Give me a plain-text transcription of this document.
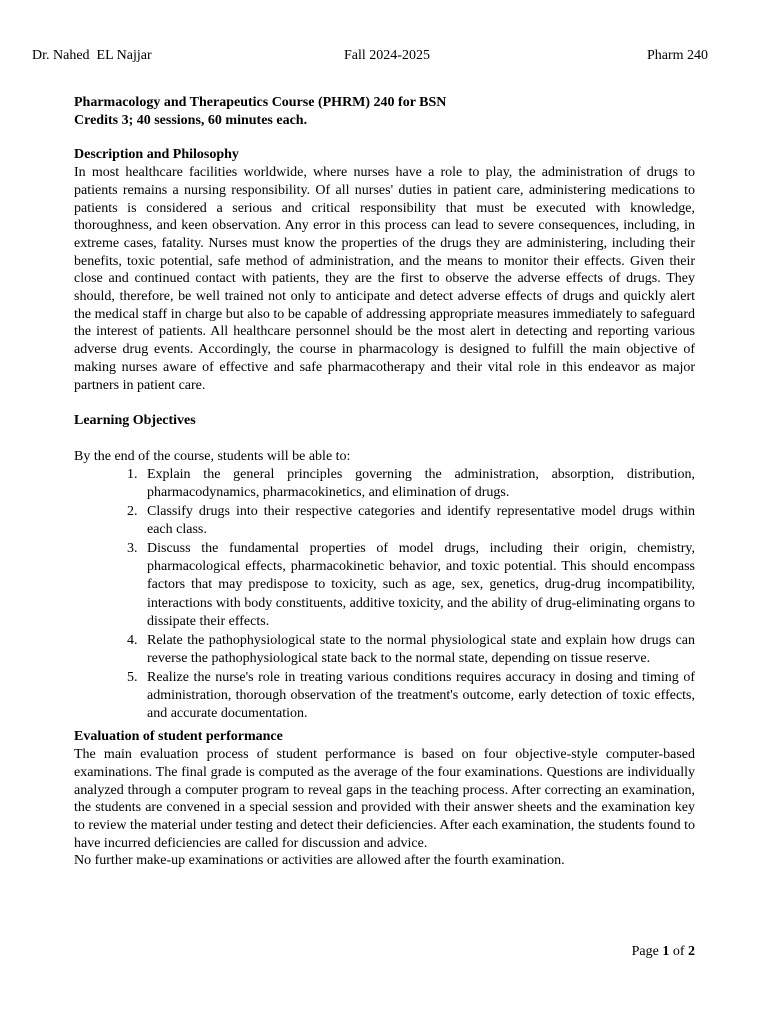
Dr. Nahed  EL Najjar	Fall 2024-2025	Pharm 240
Pharmacology and Therapeutics Course (PHRM) 240 for BSN
Credits 3; 40 sessions, 60 minutes each.

Description and Philosophy

In most healthcare facilities worldwide, where nurses have a role to play, the administration of drugs to patients remains a nursing responsibility. Of all nurses' duties in patient care, administering medications to patients is considered a serious and critical responsibility that must be executed with knowledge, thoroughness, and keen observation. Any error in this process can lead to severe consequences, including, in extreme cases, fatality. Nurses must know the properties of the drugs they are administering, including their benefits, toxic potential, safe method of administration, and the means to monitor their effects. Given their close and continued contact with patients, they are the first to observe the adverse effects of drugs. They should, therefore, be well trained not only to anticipate and detect adverse effects of drugs and quickly alert the medical staff in charge but also to be capable of addressing appropriate measures immediately to safeguard the interest of patients. All healthcare personnel should be the most alert in detecting and reporting various adverse drug events. Accordingly, the course in pharmacology is designed to fulfill the main objective of making nurses aware of effective and safe pharmacotherapy and their vital role in this endeavor as major partners in patient care.

Learning Objectives

By the end of the course, students will be able to:

1. Explain the general principles governing the administration, absorption, distribution, pharmacodynamics, pharmacokinetics, and elimination of drugs.
2. Classify drugs into their respective categories and identify representative model drugs within each class.
3. Discuss the fundamental properties of model drugs, including their origin, chemistry, pharmacological effects, pharmacokinetic behavior, and toxic potential. This should encompass factors that may predispose to toxicity, such as age, sex, genetics, drug-drug incompatibility, interactions with body constituents, additive toxicity, and the ability of drug-eliminating organs to dissipate their effects.
4. Relate the pathophysiological state to the normal physiological state and explain how drugs can reverse the pathophysiological state back to the normal state, depending on tissue reserve.
5. Realize the nurse's role in treating various conditions requires accuracy in dosing and timing of administration, thorough observation of the treatment's outcome, early detection of toxic effects, and accurate documentation.

Evaluation of student performance

The main evaluation process of student performance is based on four objective-style computer-based examinations. The final grade is computed as the average of the four examinations. Questions are individually analyzed through a computer program to reveal gaps in the teaching process. After correcting an examination, the students are convened in a special session and provided with their answer sheets and the examination key to review the material under testing and detect their deficiencies. After each examination, the students found to have incurred deficiencies are called for discussion and advice.

No further make-up examinations or activities are allowed after the fourth examination.

Page 1 of 2
